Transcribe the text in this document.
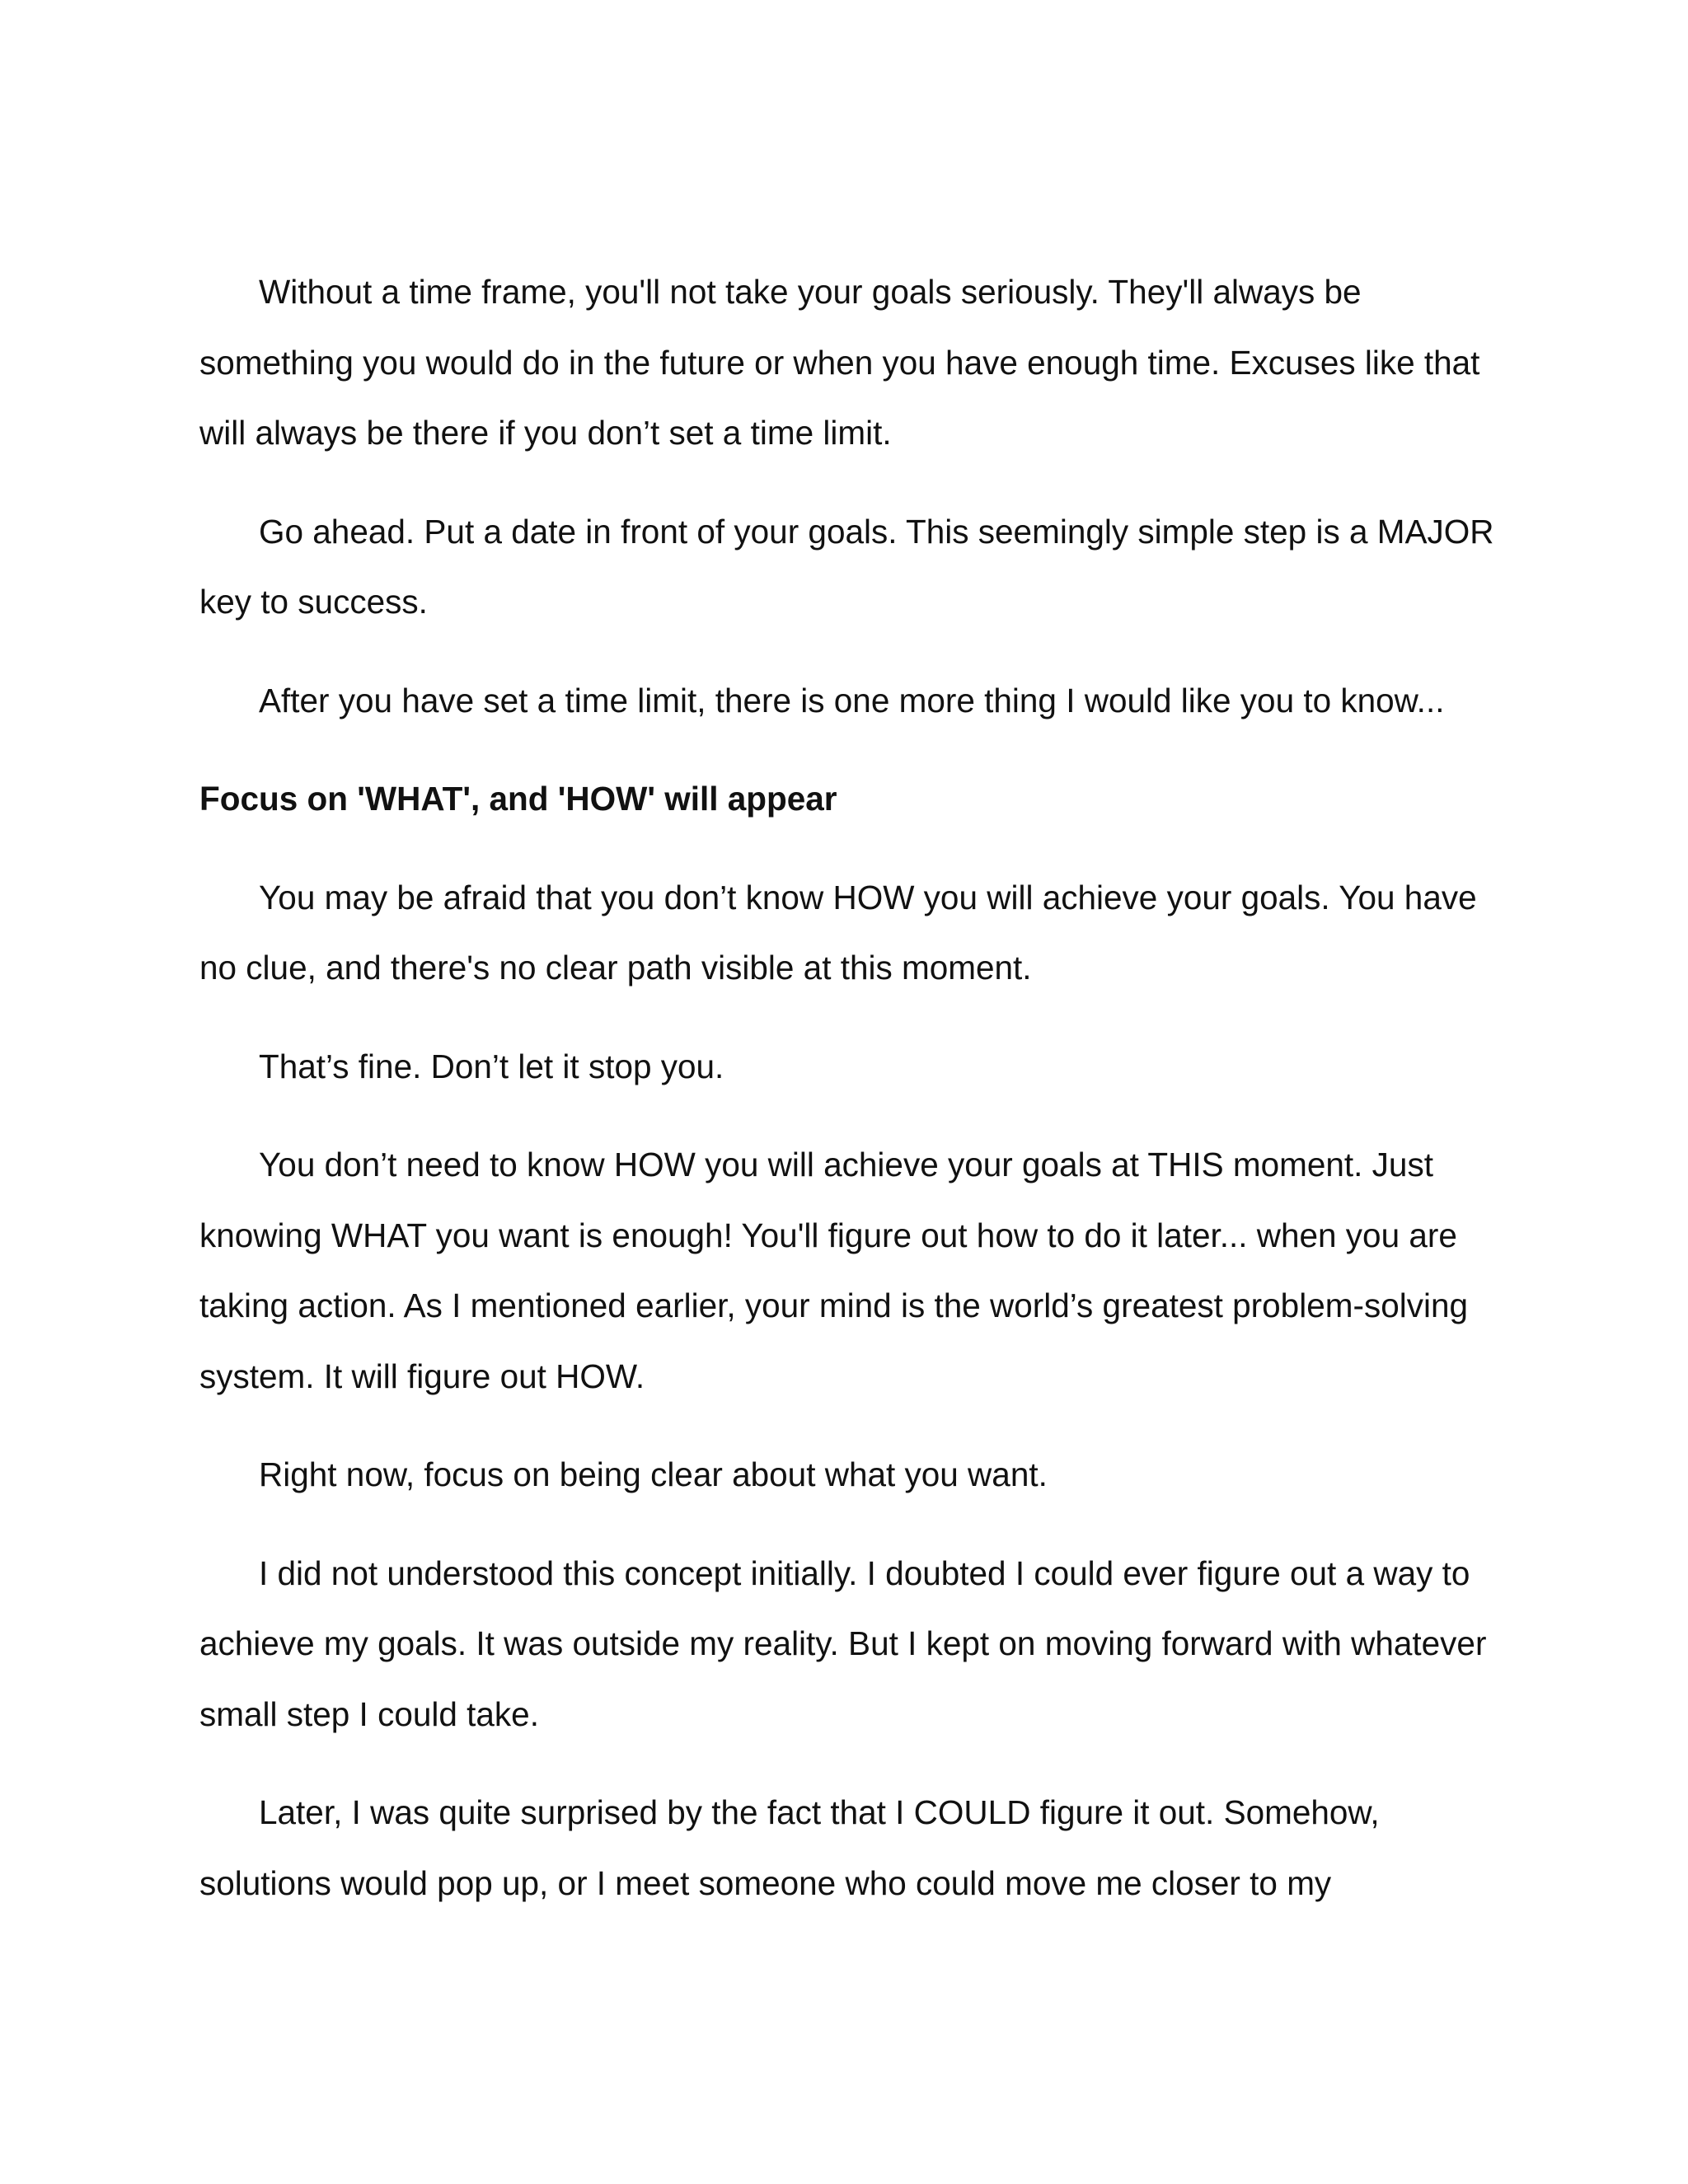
Without a time frame, you'll not take your goals seriously. They'll always be something you would do in the future or when you have enough time. Excuses like that will always be there if you don’t set a time limit.

Go ahead. Put a date in front of your goals. This seemingly simple step is a MAJOR key to success.

After you have set a time limit, there is one more thing I would like you to know...

Focus on 'WHAT', and 'HOW' will appear

You may be afraid that you don’t know HOW you will achieve your goals. You have no clue, and there's no clear path visible at this moment.

That’s fine. Don’t let it stop you.

You don’t need to know HOW you will achieve your goals at THIS moment. Just knowing WHAT you want is enough! You'll figure out how to do it later... when you are taking action. As I mentioned earlier, your mind is the world’s greatest problem-solving system. It will figure out HOW.

Right now, focus on being clear about what you want.

I did not understood this concept initially. I doubted I could ever figure out a way to achieve my goals. It was outside my reality. But I kept on moving forward with whatever small step I could take.

Later, I was quite surprised by the fact that I COULD figure it out. Somehow, solutions would pop up, or I meet someone who could move me closer to my
